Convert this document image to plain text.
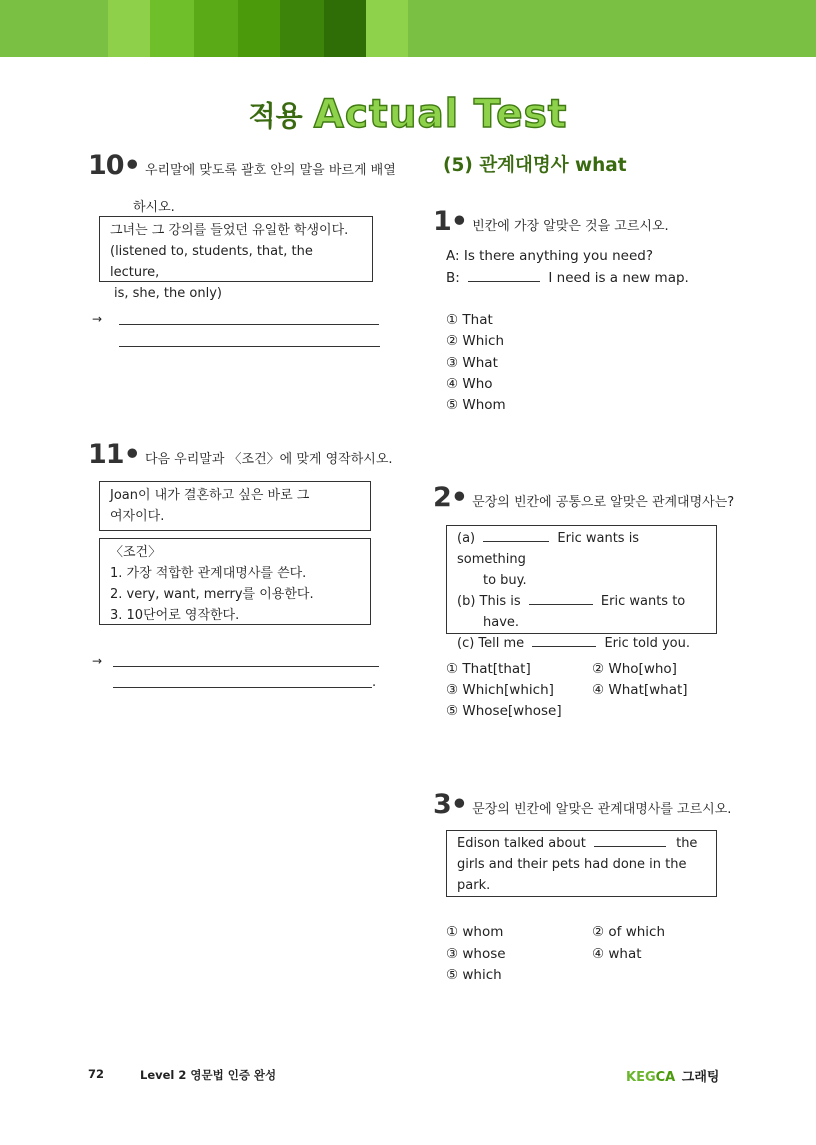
적용 Actual Test
10• 우리말에 맞도록 괄호 안의 말을 바르게 배열
하시오.
그녀는 그 강의를 들었던 유일한 학생이다.
(listened to, students, that, the lecture,
is, she, the only)
→
11• 다음 우리말과 〈조건〉에 맞게 영작하시오.
Joan이 내가 결혼하고 싶은 바로 그
여자이다.
〈조건〉
1. 가장 적합한 관계대명사를 쓴다.
2. very, want, merry를 이용한다.
3. 10단어로 영작한다.
→
.
(5) 관계대명사 what
1• 빈칸에 가장 알맞은 것을 고르시오.
A: Is there anything you need?
B:	I need is a new map.
① That
② Which
③ What
④ Who
⑤ Whom
2• 문장의 빈칸에 공통으로 알맞은 관계대명사는?
(a)	Eric wants is something
to buy.
(b) This is	Eric wants to
have.
(c) Tell me	Eric told you.
① That[that]	② Who[who]
③ Which[which]	④ What[what]
⑤ Whose[whose]
3• 문장의 빈칸에 알맞은 관계대명사를 고르시오.
Edison talked about	the
girls and their pets had done in the
park.
① whom	② of which
③ whose	④ what
⑤ which
72	Level 2 영문법 인증 완성	KEGCA 그래팅
